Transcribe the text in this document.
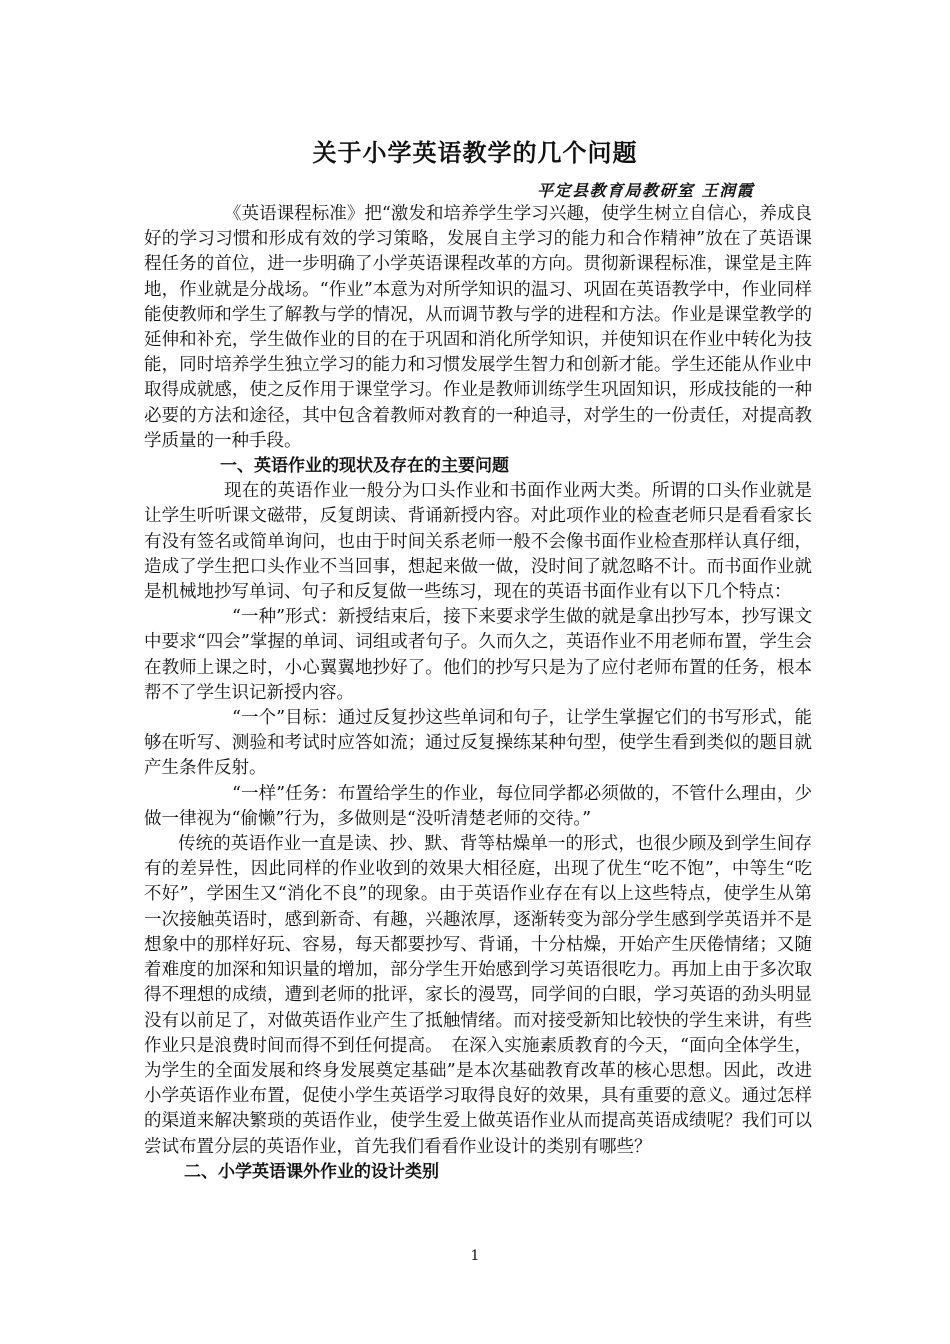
关于小学英语教学的几个问题
平定县教育局教研室 王润霞

《英语课程标准》把“激发和培养学生学习兴趣，使学生树立自信心，养成良好的学习习惯和形成有效的学习策略，发展自主学习的能力和合作精神”放在了英语课程任务的首位，进一步明确了小学英语课程改革的方向。贯彻新课程标准，课堂是主阵地，作业就是分战场。“作业”本意为对所学知识的温习、巩固在英语教学中，作业同样能使教师和学生了解教与学的情况，从而调节教与学的进程和方法。作业是课堂教学的延伸和补充，学生做作业的目的在于巩固和消化所学知识，并使知识在作业中转化为技能，同时培养学生独立学习的能力和习惯发展学生智力和创新才能。学生还能从作业中取得成就感，使之反作用于课堂学习。作业是教师训练学生巩固知识，形成技能的一种必要的方法和途径，其中包含着教师对教育的一种追寻，对学生的一份责任，对提高教学质量的一种手段。

一、英语作业的现状及存在的主要问题

现在的英语作业一般分为口头作业和书面作业两大类。所谓的口头作业就是让学生听听课文磁带，反复朗读、背诵新授内容。对此项作业的检查老师只是看看家长有没有签名或简单询问，也由于时间关系老师一般不会像书面作业检查那样认真仔细，造成了学生把口头作业不当回事，想起来做一做，没时间了就忽略不计。而书面作业就是机械地抄写单词、句子和反复做一些练习，现在的英语书面作业有以下几个特点：

“一种”形式：新授结束后，接下来要求学生做的就是拿出抄写本，抄写课文中要求“四会”掌握的单词、词组或者句子。久而久之，英语作业不用老师布置，学生会在教师上课之时，小心翼翼地抄好了。他们的抄写只是为了应付老师布置的任务，根本帮不了学生识记新授内容。

“一个”目标：通过反复抄这些单词和句子，让学生掌握它们的书写形式，能够在听写、测验和考试时应答如流；通过反复操练某种句型，使学生看到类似的题目就产生条件反射。

“一样”任务：布置给学生的作业，每位同学都必须做的，不管什么理由，少做一律视为“偷懒”行为，多做则是“没听清楚老师的交待。”

传统的英语作业一直是读、抄、默、背等枯燥单一的形式，也很少顾及到学生间存有的差异性，因此同样的作业收到的效果大相径庭，出现了优生“吃不饱”，中等生“吃不好”，学困生又“消化不良”的现象。由于英语作业存在有以上这些特点，使学生从第一次接触英语时，感到新奇、有趣，兴趣浓厚，逐渐转变为部分学生感到学英语并不是想象中的那样好玩、容易，每天都要抄写、背诵，十分枯燥，开始产生厌倦情绪；又随着难度的加深和知识量的增加，部分学生开始感到学习英语很吃力。再加上由于多次取得不理想的成绩，遭到老师的批评，家长的漫骂，同学间的白眼，学习英语的劲头明显没有以前足了，对做英语作业产生了抵触情绪。而对接受新知比较快的学生来讲，有些作业只是浪费时间而得不到任何提高。　在深入实施素质教育的今天，“面向全体学生，为学生的全面发展和终身发展奠定基础”是本次基础教育改革的核心思想。因此，改进小学英语作业布置，促使小学生英语学习取得良好的效果，具有重要的意义。通过怎样的渠道来解决繁琐的英语作业，使学生爱上做英语作业从而提高英语成绩呢？我们可以尝试布置分层的英语作业，首先我们看看作业设计的类别有哪些？

二、小学英语课外作业的设计类别

1
